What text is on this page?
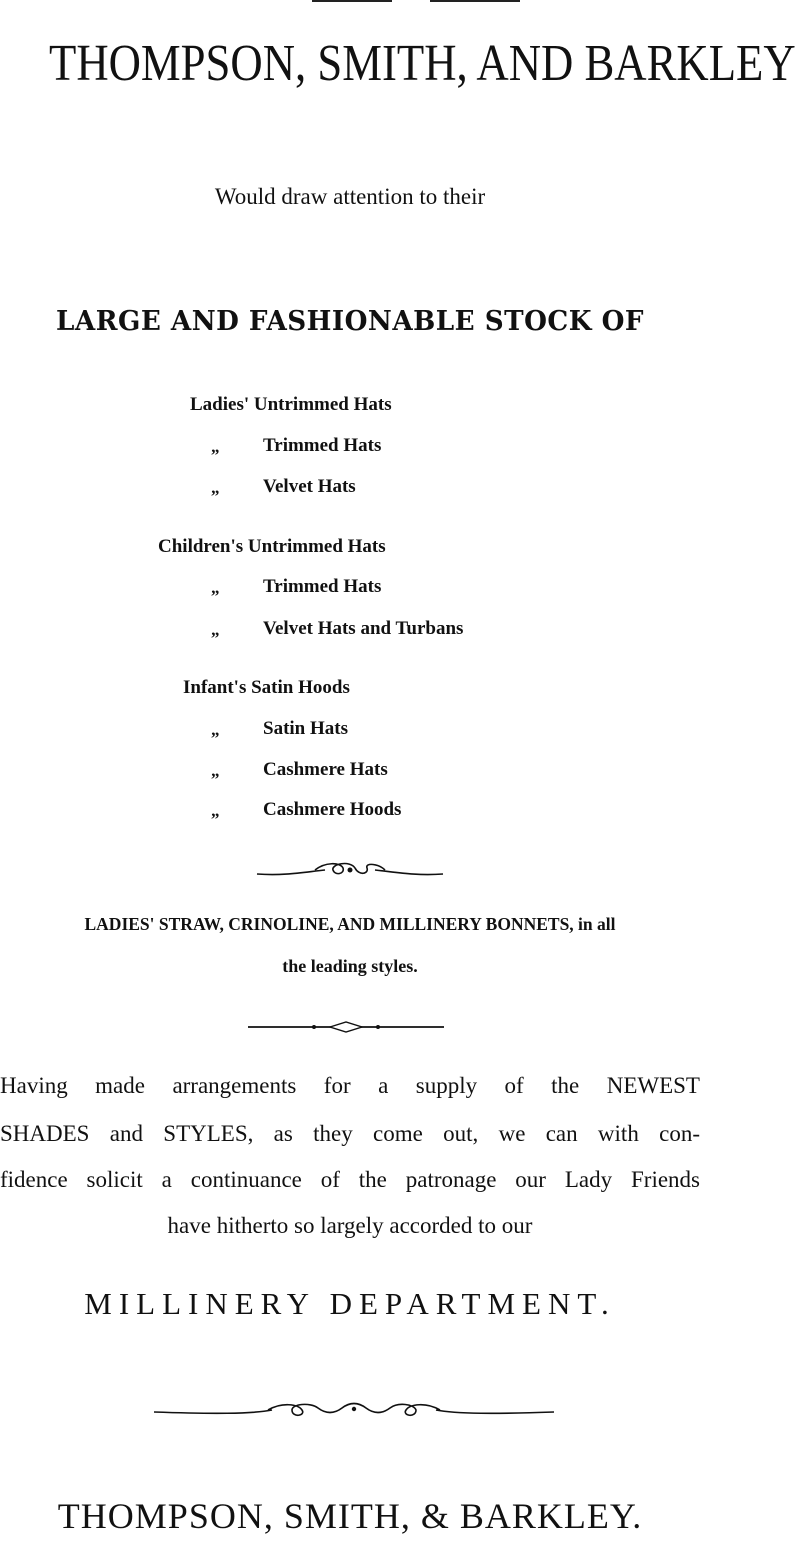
THOMPSON, SMITH, AND BARKLEY
Would draw attention to their
LARGE AND FASHIONABLE STOCK OF
Ladies' Untrimmed Hats
„ Trimmed Hats
„ Velvet Hats
Children's Untrimmed Hats
„ Trimmed Hats
„ Velvet Hats and Turbans
Infant's Satin Hoods
„ Satin Hats
„ Cashmere Hats
„ Cashmere Hoods
LADIES' STRAW, CRINOLINE, AND MILLINERY BONNETS, in all
the leading styles.
Having made arrangements for a supply of the NEWEST
SHADES and STYLES, as they come out, we can with con-
fidence solicit a continuance of the patronage our Lady Friends
have hitherto so largely accorded to our
MILLINERY DEPARTMENT.
THOMPSON, SMITH, & BARKLEY.
